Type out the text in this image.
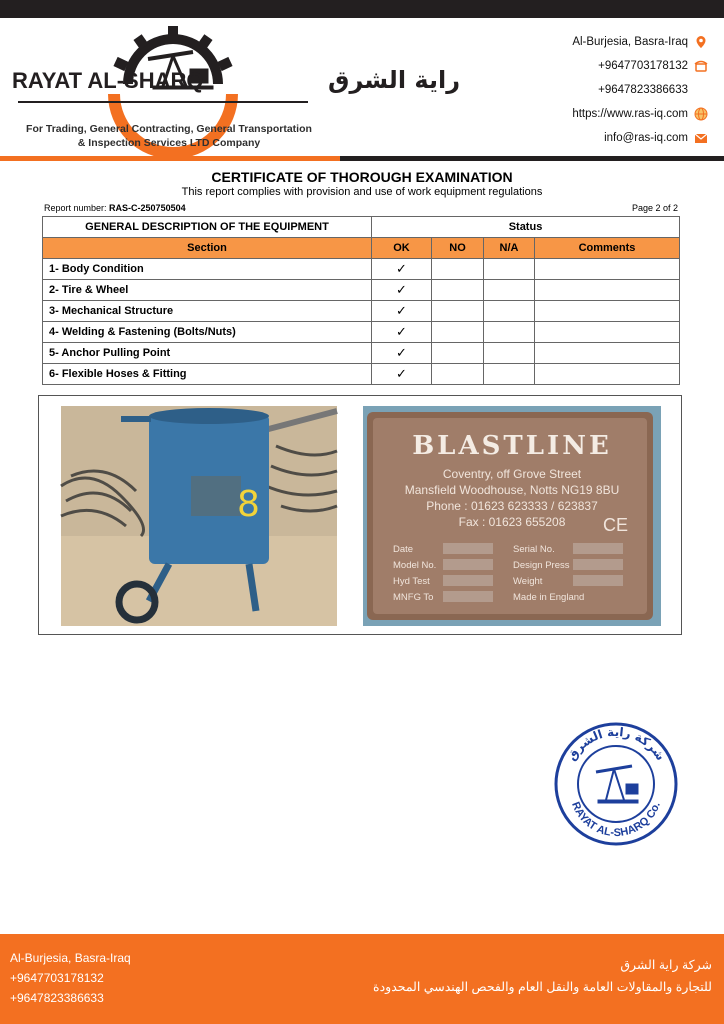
RAYAT AL-SHARQ	راية الشرق
For Trading, General Contracting, General Transportation
& Inspection Services LTD Company
Al-Burjesia, Basra-Iraq
+9647703178132
+9647823386633
https://www.ras-iq.com
info@ras-iq.com
CERTIFICATE OF THOROUGH EXAMINATION
This report complies with provision and use of work equipment regulations
Report number: RAS-C-250750504	Page 2 of 2
GENERAL DESCRIPTION OF THE EQUIPMENT	Status			
Section	OK	NO	N/A	Comments
1- Body Condition	✓			
2- Tire & Wheel	✓			
3- Mechanical Structure	✓			
4- Welding & Fastening (Bolts/Nuts)	✓			
5- Anchor Pulling Point	✓			
6- Flexible Hoses & Fitting	✓			
8
BLASTLINE
Coventry, off Grove Street
Mansfield Woodhouse, Notts NG19 8BU
Phone : 01623 623333 / 623837
Fax : 01623 655208 CE
Date
Model No.
Hyd Test
MNFG To
Serial No.
Design Press
Weight
Made in England
شركة راية الشرق
RAYAT AL-SHARQ Co.
Al-Burjesia, Basra-Iraq
+9647703178132
+9647823386633
شركة راية الشرق
للتجارة والمقاولات العامة والنقل العام والفحص الهندسي المحدودة
